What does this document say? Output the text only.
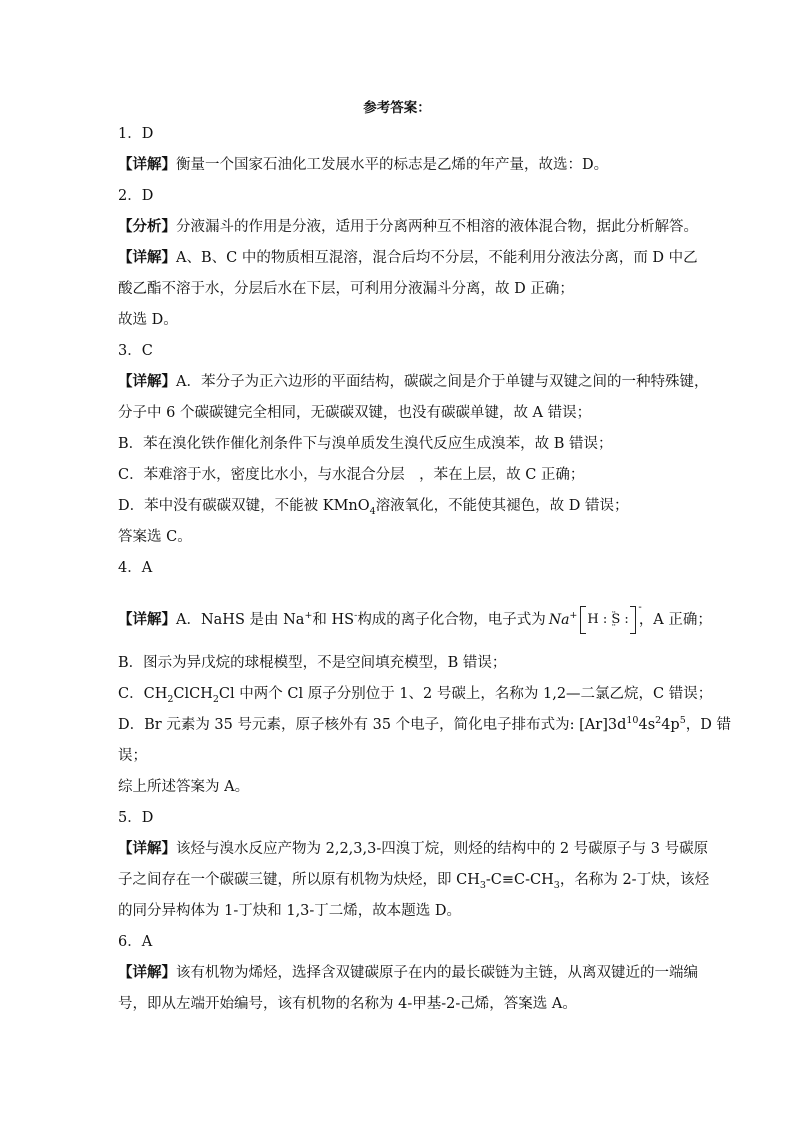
参考答案：
1．D
【详解】衡量一个国家石油化工发展水平的标志是乙烯的年产量，故选：D。
2．D
【分析】分液漏斗的作用是分液，适用于分离两种互不相溶的液体混合物，据此分析解答。
【详解】A、B、C 中的物质相互混溶，混合后均不分层，不能利用分液法分离，而 D 中乙
酸乙酯不溶于水，分层后水在下层，可利用分液漏斗分离，故 D 正确；
故选 D。
3．C
【详解】A．苯分子为正六边形的平面结构，碳碳之间是介于单键与双键之间的一种特殊键，
分子中 6 个碳碳键完全相同，无碳碳双键，也没有碳碳单键，故 A 错误；
B．苯在溴化铁作催化剂条件下与溴单质发生溴代反应生成溴苯，故 B 错误；
C．苯难溶于水，密度比水小，与水混合分层　，苯在上层，故 C 正确；
D．苯中没有碳碳双键，不能被 KMnO$_4$溶液氧化，不能使其褪色，故 D 错误；
答案选 C。
4．A
【详解】A．NaHS 是由 Na+和 HS-构成的离子化合物，电子式为 Na+ H : ·· S ·· :
-
，A 正确；
B．图示为异戊烷的球棍模型，不是空间填充模型，B 错误；
C．$CH_2ClCH_2Cl$ 中两个 Cl 原子分别位于 1、2 号碳上，名称为 1,2—二氯乙烷，C 错误；
D．Br 元素为 35 号元素，原子核外有 35 个电子，简化电子排布式为: $[Ar]3d^{10}4s^24p^5$，D 错
误；
综上所述答案为 A。
5．D
【详解】该烃与溴水反应产物为 2,2,3,3-四溴丁烷，则烃的结构中的 2 号碳原子与 3 号碳原
子之间存在一个碳碳三键，所以原有机物为炔烃，即 $CH_3-C\equiv C-CH_3$，名称为 2-丁炔，该烃
的同分异构体为 1-丁炔和 1,3-丁二烯，故本题选 D。
6．A
【详解】该有机物为烯烃，选择含双键碳原子在内的最长碳链为主链，从离双键近的一端编
号，即从左端开始编号，该有机物的名称为 4-甲基-2-己烯，答案选 A。
